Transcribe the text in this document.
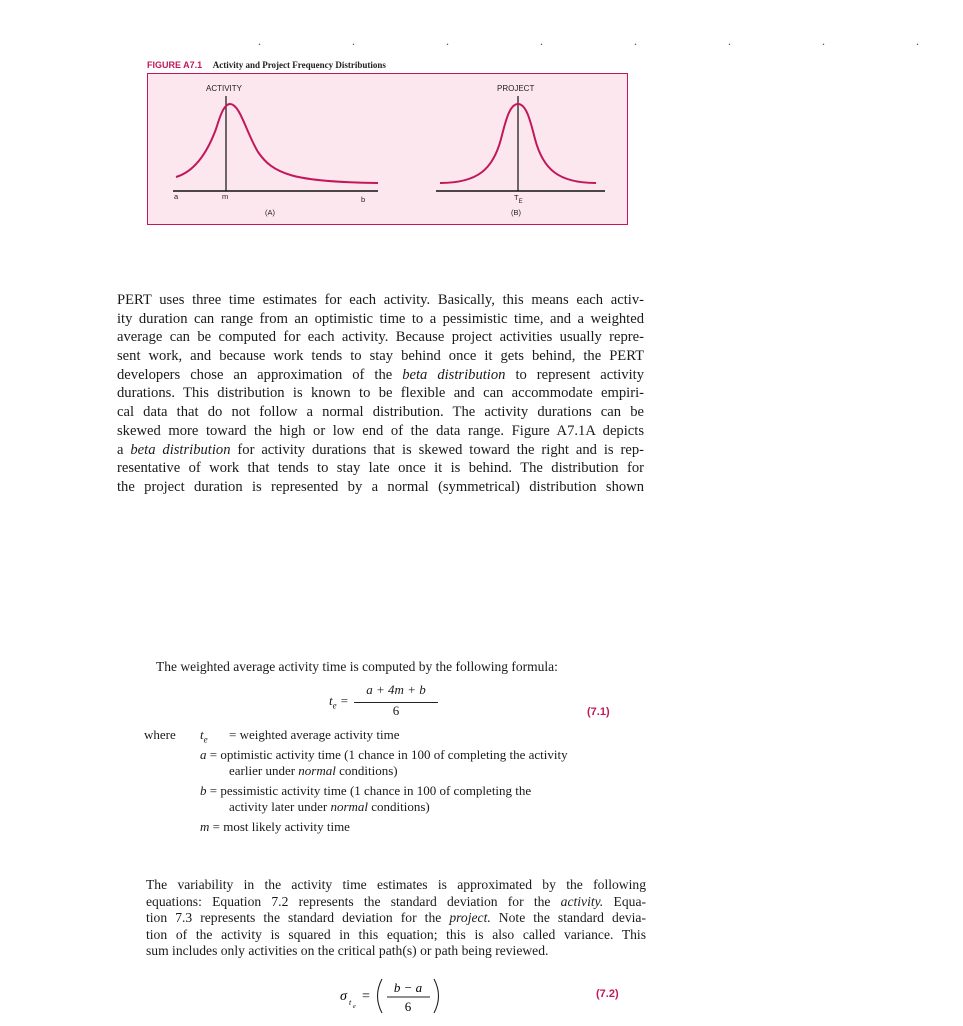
. . . . . . . .
FIGURE A7.1 Activity and Project Frequency Distributions
ACTIVITY
a	m	b
(A)
PROJECT
$T_E$
(B)
PERT uses three time estimates for each activity. Basically, this means each activ-
ity duration can range from an optimistic time to a pessimistic time, and a weighted
average can be computed for each activity. Because project activities usually repre-
sent work, and because work tends to stay behind once it gets behind, the PERT
developers chose an approximation of the beta distribution to represent activity
durations. This distribution is known to be flexible and can accommodate empiri-
cal data that do not follow a normal distribution. The activity durations can be
skewed more toward the high or low end of the data range. Figure A7.1A depicts
a beta distribution for activity durations that is skewed toward the right and is rep-
resentative of work that tends to stay late once it is behind. The distribution for
the project duration is represented by a normal (symmetrical) distribution shown
The weighted average activity time is computed by the following formula:
$t_e$ =
a + 4m + b
6	(7.1)
where $t_e$ = weighted average activity time
a = optimistic activity time (1 chance in 100 of completing the activity
earlier under normal conditions)
b = pessimistic activity time (1 chance in 100 of completing the
activity later under normal conditions)
m = most likely activity time
The variability in the activity time estimates is approximated by the following
equations: Equation 7.2 represents the standard deviation for the activity. Equa-
tion 7.3 represents the standard deviation for the project. Note the standard devia-
tion of the activity is squared in this equation; this is also called variance. This
sum includes only activities on the critical path(s) or path being reviewed.
σ t e
=
b − a
6
(7.2)
